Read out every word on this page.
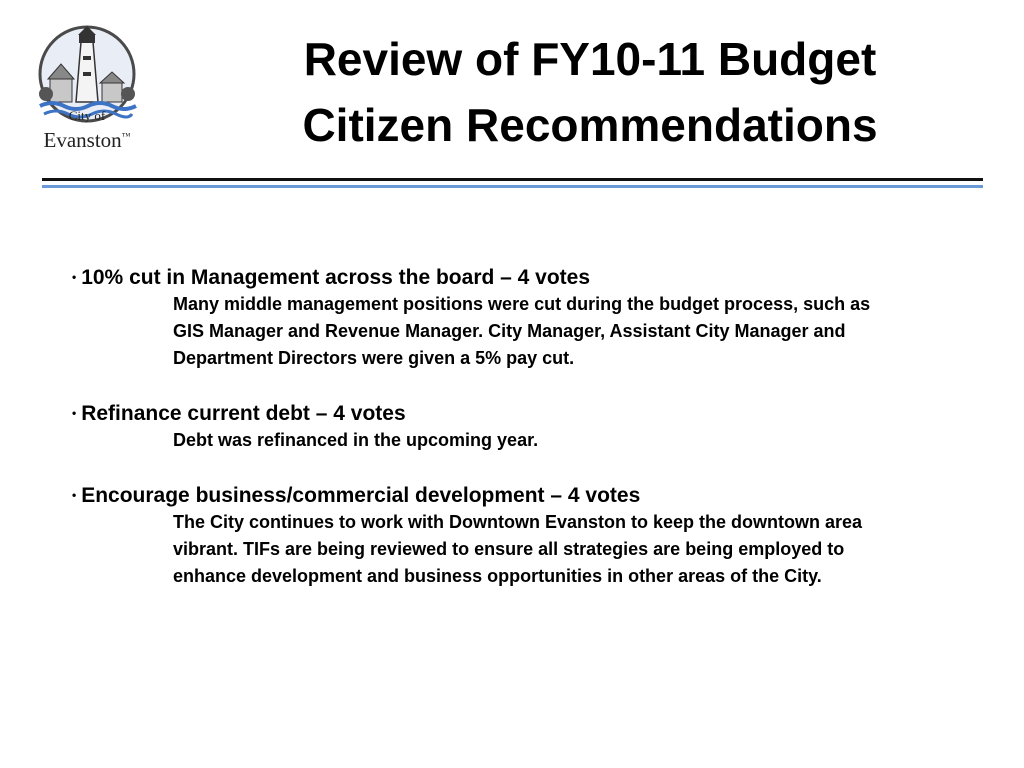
City of
Evanston™
Review of FY10-11 Budget
Citizen Recommendations
• 10% cut in Management across the board – 4 votes
Many middle management positions were cut during the budget process, such as GIS Manager and Revenue Manager. City Manager, Assistant City Manager and Department Directors were given a 5% pay cut.
• Refinance current debt – 4 votes
Debt was refinanced in the upcoming year.
• Encourage business/commercial development – 4 votes
The City continues to work with Downtown Evanston to keep the downtown area vibrant. TIFs are being reviewed to ensure all strategies are being employed to enhance development and business opportunities in other areas of the City.
